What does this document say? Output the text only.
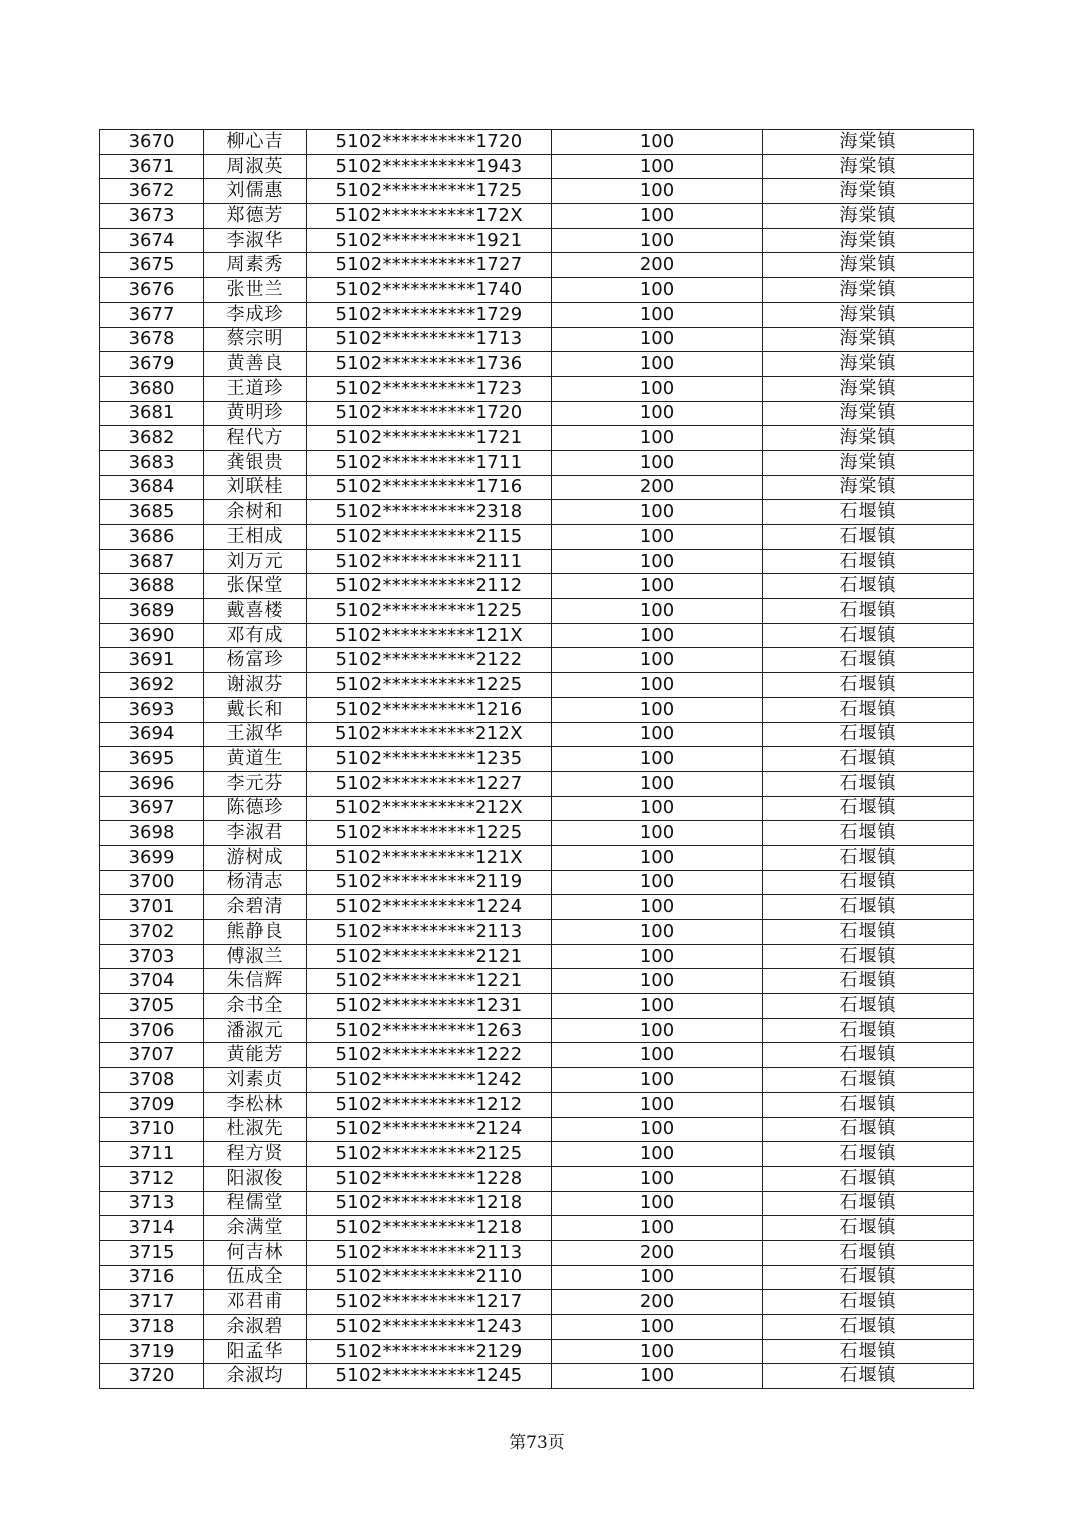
3670	柳心吉	5102**********1720	100	海棠镇
3671	周淑英	5102**********1943	100	海棠镇
3672	刘儒惠	5102**********1725	100	海棠镇
3673	郑德芳	5102**********172X	100	海棠镇
3674	李淑华	5102**********1921	100	海棠镇
3675	周素秀	5102**********1727	200	海棠镇
3676	张世兰	5102**********1740	100	海棠镇
3677	李成珍	5102**********1729	100	海棠镇
3678	蔡宗明	5102**********1713	100	海棠镇
3679	黄善良	5102**********1736	100	海棠镇
3680	王道珍	5102**********1723	100	海棠镇
3681	黄明珍	5102**********1720	100	海棠镇
3682	程代方	5102**********1721	100	海棠镇
3683	龚银贵	5102**********1711	100	海棠镇
3684	刘联桂	5102**********1716	200	海棠镇
3685	余树和	5102**********2318	100	石堰镇
3686	王相成	5102**********2115	100	石堰镇
3687	刘万元	5102**********2111	100	石堰镇
3688	张保堂	5102**********2112	100	石堰镇
3689	戴喜楼	5102**********1225	100	石堰镇
3690	邓有成	5102**********121X	100	石堰镇
3691	杨富珍	5102**********2122	100	石堰镇
3692	谢淑芬	5102**********1225	100	石堰镇
3693	戴长和	5102**********1216	100	石堰镇
3694	王淑华	5102**********212X	100	石堰镇
3695	黄道生	5102**********1235	100	石堰镇
3696	李元芬	5102**********1227	100	石堰镇
3697	陈德珍	5102**********212X	100	石堰镇
3698	李淑君	5102**********1225	100	石堰镇
3699	游树成	5102**********121X	100	石堰镇
3700	杨清志	5102**********2119	100	石堰镇
3701	余碧清	5102**********1224	100	石堰镇
3702	熊静良	5102**********2113	100	石堰镇
3703	傅淑兰	5102**********2121	100	石堰镇
3704	朱信辉	5102**********1221	100	石堰镇
3705	余书全	5102**********1231	100	石堰镇
3706	潘淑元	5102**********1263	100	石堰镇
3707	黄能芳	5102**********1222	100	石堰镇
3708	刘素贞	5102**********1242	100	石堰镇
3709	李松林	5102**********1212	100	石堰镇
3710	杜淑先	5102**********2124	100	石堰镇
3711	程方贤	5102**********2125	100	石堰镇
3712	阳淑俊	5102**********1228	100	石堰镇
3713	程儒堂	5102**********1218	100	石堰镇
3714	余满堂	5102**********1218	100	石堰镇
3715	何吉林	5102**********2113	200	石堰镇
3716	伍成全	5102**********2110	100	石堰镇
3717	邓君甫	5102**********1217	200	石堰镇
3718	余淑碧	5102**********1243	100	石堰镇
3719	阳孟华	5102**********2129	100	石堰镇
3720	余淑均	5102**********1245	100	石堰镇
第73页
